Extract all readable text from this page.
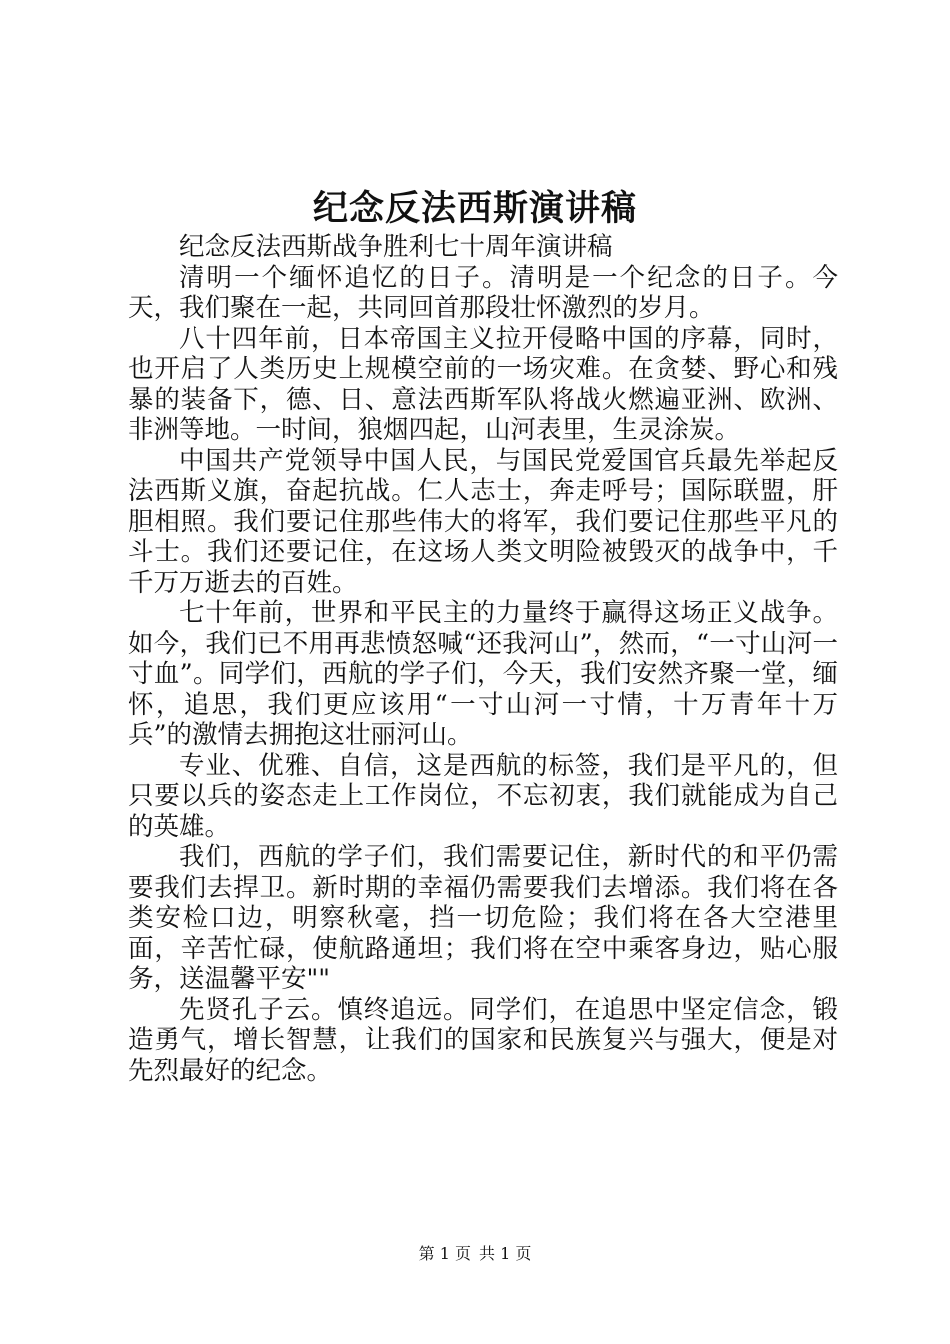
纪念反法西斯演讲稿

纪念反法西斯战争胜利七十周年演讲稿

清明一个缅怀追忆的日子。清明是一个纪念的日子。今天，我们聚在一起，共同回首那段壮怀激烈的岁月。

八十四年前，日本帝国主义拉开侵略中国的序幕，同时，也开启了人类历史上规模空前的一场灾难。在贪婪、野心和残暴的装备下，德、日、意法西斯军队将战火燃遍亚洲、欧洲、非洲等地。一时间，狼烟四起，山河表里，生灵涂炭。

中国共产党领导中国人民，与国民党爱国官兵最先举起反法西斯义旗，奋起抗战。仁人志士，奔走呼号；国际联盟，肝胆相照。我们要记住那些伟大的将军，我们要记住那些平凡的斗士。我们还要记住，在这场人类文明险被毁灭的战争中，千千万万逝去的百姓。

七十年前，世界和平民主的力量终于赢得这场正义战争。如今，我们已不用再悲愤怒喊“还我河山”，然而，“一寸山河一寸血”。同学们，西航的学子们，今天，我们安然齐聚一堂，缅怀，追思，我们更应该用“一寸山河一寸情，十万青年十万兵”的激情去拥抱这壮丽河山。

专业、优雅、自信，这是西航的标签，我们是平凡的，但只要以兵的姿态走上工作岗位，不忘初衷，我们就能成为自己的英雄。

我们，西航的学子们，我们需要记住，新时代的和平仍需要我们去捍卫。新时期的幸福仍需要我们去增添。我们将在各类安检口边，明察秋毫，挡一切危险；我们将在各大空港里面，辛苦忙碌，使航路通坦；我们将在空中乘客身边，贴心服务，送温馨平安""

先贤孔子云。慎终追远。同学们，在追思中坚定信念，锻造勇气，增长智慧，让我们的国家和民族复兴与强大，便是对先烈最好的纪念。

第 1 页 共 1 页
